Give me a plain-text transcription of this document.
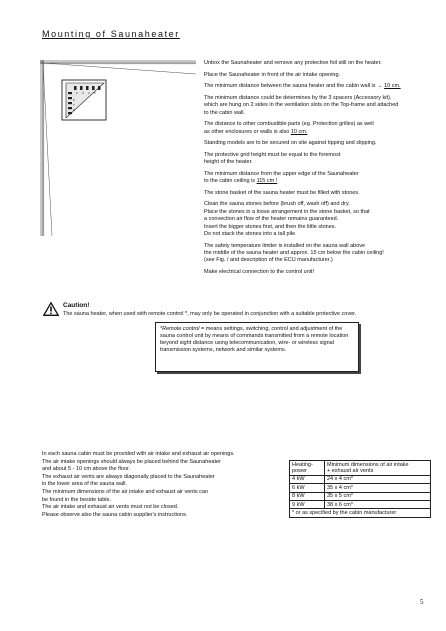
Mounting of Saunaheater
2 3 4 5
6
7
8

Unbox the Saunaheater and remove any protective foil still on the heater.

Place the Saunaheater in front of the air intake opening.

The minimum distance between the sauna heater and the cabin wall is → 10 cm.

The minimum distance could be determines by the 3 spacers (Accessory kit),
which are hung on 2 sides in the ventilation slots on the Top-frame and attached
to the cabin wall.

The distance to other combustible parts (eg. Protection grilles) as well
as other enclosures or walls is also 10 cm.

Standing models are to be secured on site against tipping and slipping.

The protective grid height must be equal to the foremost
height of the heater.

The minimum distance from the upper edge of the Saunaheater
to the cabin ceiling is 115 cm !

The stone basket of the sauna heater must be filled with stones.

Clean the sauna stones before (brush off, wash off) and dry.
Place the stones in a loose arrangement in the stone basket, so that
a convection air flow of the heater remains guaranteed.
Insert the bigger stones first, and then the little stones.
Do not stack the stones into a tall pile.

The safety temperature limiter is installed on the sauna wall above
the middle of the sauna heater and approx. 15 cm below the cabin ceiling!
(see Fig. / and description of the ECU manufacturer.)

Make electrical connection to the control unit!

Caution!
The sauna heater, when used with remote control *, may only be operated in conjunction with a suitable protective cover.
*Remote control = means settings, switching, control and adjustment of the
sauna control unit by means of commands transmitted from a remote location
beyond sight distance using telecommunication, wire- or wireless signal
transmission systems, network and similar systems.
In each sauna cabin must be provided with air intake and exhaust air openings.
The air intake openings should always be placed behind the Saunaheater
and about 5 - 10 cm above the floor.
The exhaust air vents are always diagonally placed to the Saunaheater
in the lower area of the sauna wall.
The minimum dimensions of the air intake and exhaust air vents can
be found in the beside table.
The air intake and exhaust air vents must not be closed.
Please observe also the sauna cabin supplier's instructions.
Heating-
power	Minimum dimensions of air intake
+ exhaust air vents
4 kW	24 x 4 cm*
6 kW	35 x 4 cm*
8 kW	35 x 5 cm*
9 kW	38 x 6 cm*
* or as specified by the cabin manufacturer	
5
